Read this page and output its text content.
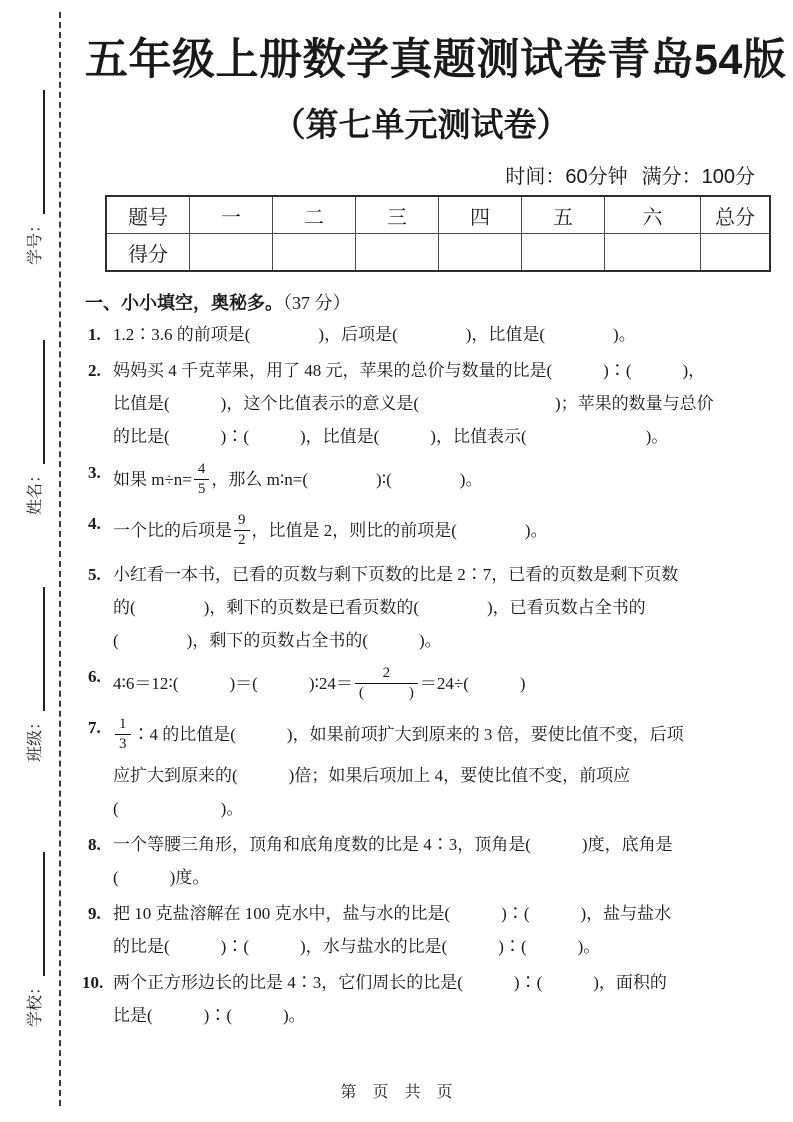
学号：
姓名：
班级：
学校：
五年级上册数学真题测试卷青岛54版
（第七单元测试卷）
时间：60分钟 满分：100分
题号	一	二	三	四	五	六	总分
得分							
一、小小填空，奥秘多。（37 分）
1. 1.2∶3.6 的前项是(　　　　)，后项是(　　　　)，比值是(　　　　)。
2. 妈妈买 4 千克苹果，用了 48 元，苹果的总价与数量的比是(　　　)∶(　　　)，
比值是(　　　)，这个比值表示的意义是(　　　　　　　　)；苹果的数量与总价
的比是(　　　)∶(　　　)，比值是(　　　)，比值表示(　　　　　　　)。
3. 如果 $m\div n= \frac{4}{5}$ ，那么 m∶n=(　　　　)∶(　　　　)。
4. 一个比的后项是 $\frac{9}{2}$ ，比值是 2，则比的前项是(　　　　)。
5. 小红看一本书，已看的页数与剩下页数的比是 2∶7，已看的页数是剩下页数
的(　　　　)，剩下的页数是已看页数的(　　　　)，已看页数占全书的
(　　　　)，剩下的页数占全书的(　　　)。
6. 4∶6＝12∶(　　　)＝(　　　)∶24＝ $\frac{2}{( )} =24\div$(　　　)
7. $\frac{1}{3}$ ∶4 的比值是(　　　)，如果前项扩大到原来的 3 倍，要使比值不变，后项
应扩大到原来的(　　　)倍；如果后项加上 4，要使比值不变，前项应
(　　　　　　)。
8. 一个等腰三角形，顶角和底角度数的比是 4∶3，顶角是(　　　)度，底角是
(　　　)度。
9. 把 10 克盐溶解在 100 克水中，盐与水的比是(　　　)∶(　　　)，盐与盐水
的比是(　　　)∶(　　　)，水与盐水的比是(　　　)∶(　　　)。
10. 两个正方形边长的比是 4∶3，它们周长的比是(　　　)∶(　　　)，面积的
比是(　　　)∶(　　　)。
第　页　共　页
